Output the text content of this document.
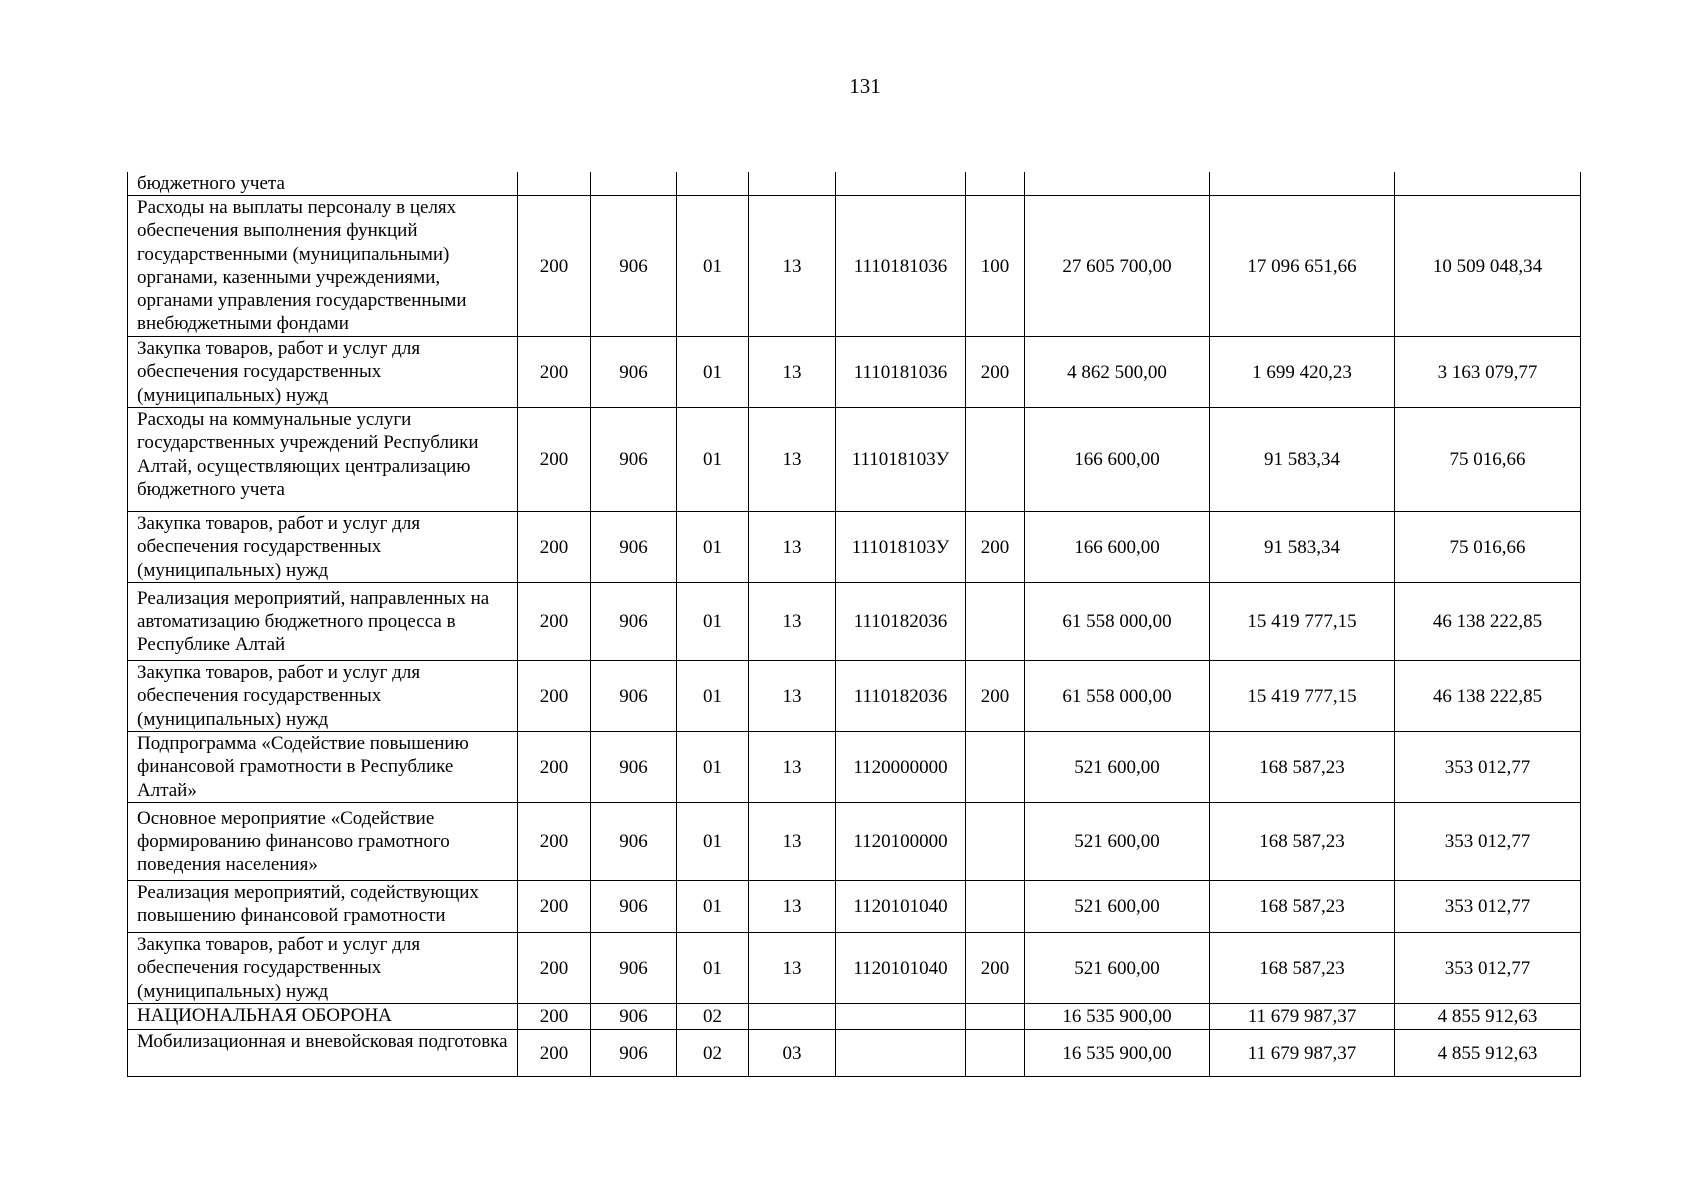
131
бюджетного учета									
Расходы на выплаты персоналу в целях обеспечения выполнения функций государственными (муниципальными) органами, казенными учреждениями, органами управления государственными внебюджетными фондами	200	906	01	13	1110181036	100	27 605 700,00	17 096 651,66	10 509 048,34
Закупка товаров, работ и услуг для обеспечения государственных (муниципальных) нужд	200	906	01	13	1110181036	200	4 862 500,00	1 699 420,23	3 163 079,77
Расходы на коммунальные услуги государственных учреждений Республики Алтай, осуществляющих централизацию бюджетного учета	200	906	01	13	111018103У		166 600,00	91 583,34	75 016,66
Закупка товаров, работ и услуг для обеспечения государственных (муниципальных) нужд	200	906	01	13	111018103У	200	166 600,00	91 583,34	75 016,66
Реализация мероприятий, направленных на автоматизацию бюджетного процесса в Республике Алтай	200	906	01	13	1110182036		61 558 000,00	15 419 777,15	46 138 222,85
Закупка товаров, работ и услуг для обеспечения государственных (муниципальных) нужд	200	906	01	13	1110182036	200	61 558 000,00	15 419 777,15	46 138 222,85
Подпрограмма «Содействие повышению финансовой грамотности в Республике Алтай»	200	906	01	13	1120000000		521 600,00	168 587,23	353 012,77
Основное мероприятие «Содействие формированию финансово грамотного поведения населения»	200	906	01	13	1120100000		521 600,00	168 587,23	353 012,77
Реализация мероприятий, содействующих повышению финансовой грамотности	200	906	01	13	1120101040		521 600,00	168 587,23	353 012,77
Закупка товаров, работ и услуг для обеспечения государственных (муниципальных) нужд	200	906	01	13	1120101040	200	521 600,00	168 587,23	353 012,77
НАЦИОНАЛЬНАЯ ОБОРОНА	200	906	02				16 535 900,00	11 679 987,37	4 855 912,63
Мобилизационная и вневойсковая подготовка	200	906	02	03			16 535 900,00	11 679 987,37	4 855 912,63
